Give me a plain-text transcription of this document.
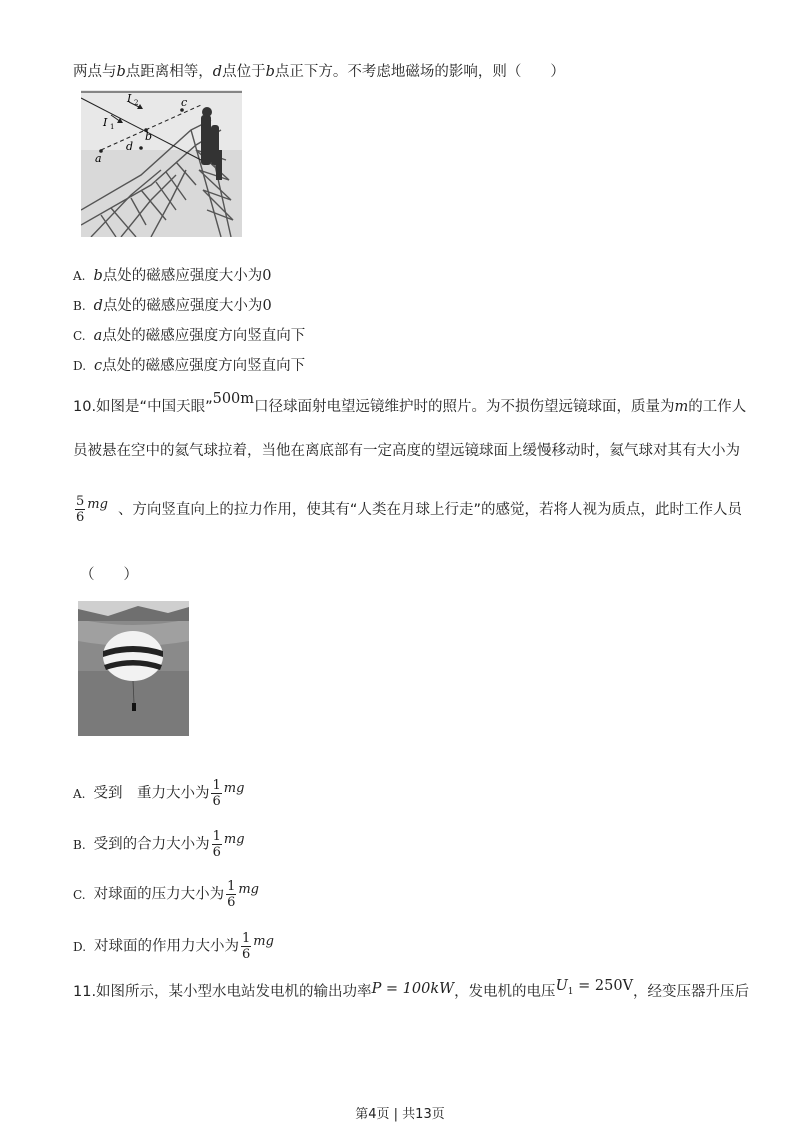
两点与b点距离相等，d点位于b点正下方。不考虑地磁场的影响，则（　　）
I 2
I 1
a
b
c
d
A. b点处的磁感应强度大小为0
B. d点处的磁感应强度大小为0
C. a点处的磁感应强度方向竖直向下
D. c点处的磁感应强度方向竖直向下
10.如图是“中国天眼”500m口径球面射电望远镜维护时的照片。为不损伤望远镜球面，质量为m的工作人
员被悬在空中的氦气球拉着，当他在离底部有一定高度的望远镜球面上缓慢移动时，氦气球对其有大小为
$\frac{5}{6}$ mg 、方向竖直向上的拉力作用，使其有“人类在月球上行走”的感觉，若将人视为质点，此时工作人员
（　　）
A. 受到　重力大小为 $\frac{1}{6}$ mg
B. 受到的合力大小为 $\frac{1}{6}$ mg
C. 对球面的压力大小为 $\frac{1}{6}$ mg
D. 对球面的作用力大小为 $\frac{1}{6}$ mg
11.如图所示，某小型水电站发电机的输出功率P = 100kW，发电机的电压U1 = 250V，经变压器升压后
第4页 | 共13页
